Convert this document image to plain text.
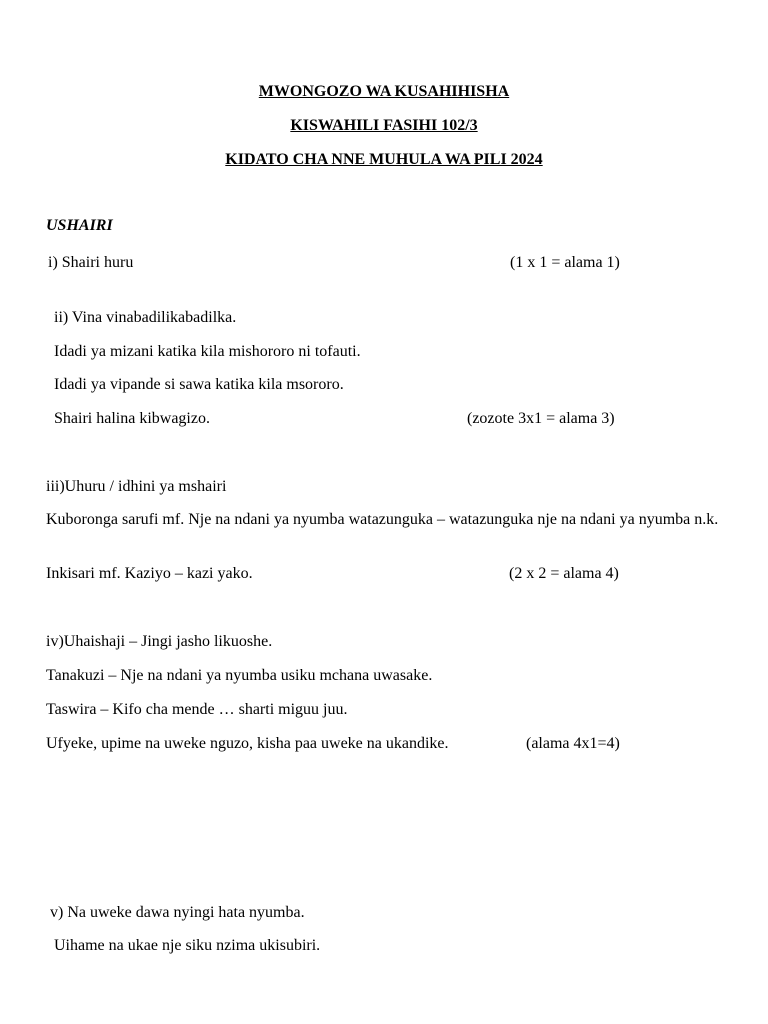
MWONGOZO WA KUSAHIHISHA
KISWAHILI FASIHI 102/3
KIDATO CHA NNE MUHULA WA PILI 2024
USHAIRI
i) Shairi huru	(1 x 1 = alama 1)
ii) Vina vinabadilikabadilka.
Idadi ya mizani katika kila mishororo ni tofauti.
Idadi ya vipande si sawa katika kila msororo.
Shairi halina kibwagizo.	(zozote 3x1 = alama 3)
iii)Uhuru / idhini ya mshairi
Kuboronga sarufi mf. Nje na ndani ya nyumba watazunguka – watazunguka nje na ndani ya nyumba n.k.
Inkisari mf. Kaziyo – kazi yako.	(2 x 2 = alama 4)
iv)Uhaishaji – Jingi jasho likuoshe.
Tanakuzi – Nje na ndani ya nyumba usiku mchana uwasake.
Taswira – Kifo cha mende … sharti miguu juu.
Ufyeke, upime na uweke nguzo, kisha paa uweke na ukandike.	(alama 4x1=4)
v) Na uweke dawa nyingi hata nyumba.
Uihame na ukae nje siku nzima ukisubiri.
